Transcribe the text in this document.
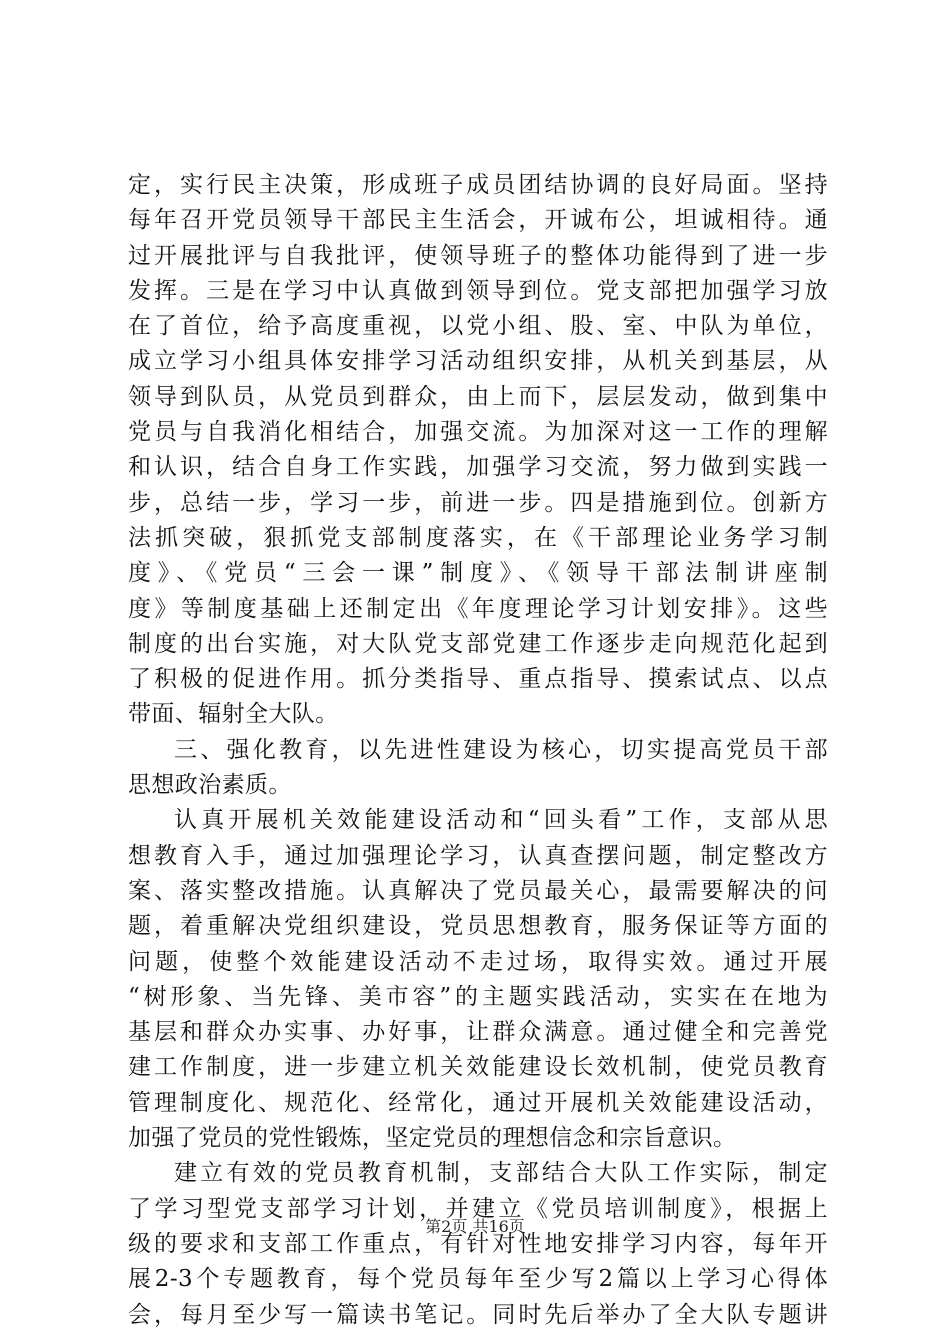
定，实行民主决策，形成班子成员团结协调的良好局面。坚持
每年召开党员领导干部民主生活会，开诚布公，坦诚相待。通
过开展批评与自我批评，使领导班子的整体功能得到了进一步
发挥。三是在学习中认真做到领导到位。党支部把加强学习放
在了首位，给予高度重视，以党小组、股、室、中队为单位，
成立学习小组具体安排学习活动组织安排，从机关到基层，从
领导到队员，从党员到群众，由上而下，层层发动，做到集中
党员与自我消化相结合，加强交流。为加深对这一工作的理解
和认识，结合自身工作实践，加强学习交流，努力做到实践一
步，总结一步，学习一步，前进一步。四是措施到位。创新方
法抓突破，狠抓党支部制度落实，在《干部理论业务学习制
度》、《党员“三会一课”制度》、《领导干部法制讲座制
度》等制度基础上还制定出《年度理论学习计划安排》。这些
制度的出台实施，对大队党支部党建工作逐步走向规范化起到
了积极的促进作用。抓分类指导、重点指导、摸索试点、以点
带面、辐射全大队。
三、强化教育，以先进性建设为核心，切实提高党员干部
思想政治素质。
认真开展机关效能建设活动和“回头看”工作，支部从思
想教育入手，通过加强理论学习，认真查摆问题，制定整改方
案、落实整改措施。认真解决了党员最关心，最需要解决的问
题，着重解决党组织建设，党员思想教育，服务保证等方面的
问题，使整个效能建设活动不走过场，取得实效。通过开展
“树形象、当先锋、美市容”的主题实践活动，实实在在地为
基层和群众办实事、办好事，让群众满意。通过健全和完善党
建工作制度，进一步建立机关效能建设长效机制，使党员教育
管理制度化、规范化、经常化，通过开展机关效能建设活动，
加强了党员的党性锻炼，坚定党员的理想信念和宗旨意识。
建立有效的党员教育机制，支部结合大队工作实际，制定
了学习型党支部学习计划，并建立《党员培训制度》，根据上
级的要求和支部工作重点，有针对性地安排学习内容，每年开
展2-3个专题教育，每个党员每年至少写2篇以上学习心得体
会，每月至少写一篇读书笔记。同时先后举办了全大队专题讲
第2页 共16页
